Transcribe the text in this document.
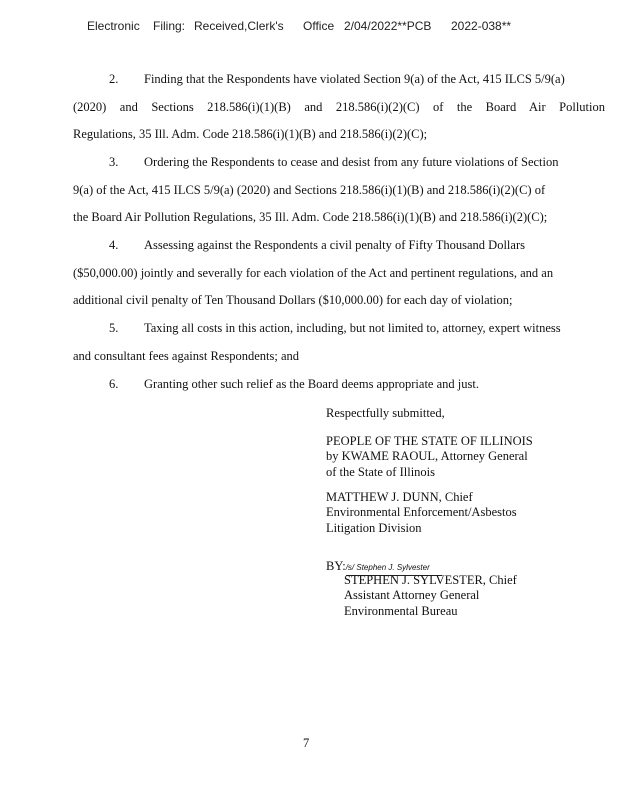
Electronic Filing: Received,Clerk's Office 2/04/2022**PCB 2022-038**
2. Finding that the Respondents have violated Section 9(a) of the Act, 415 ILCS 5/9(a)
(2020) and Sections 218.586(i)(1)(B) and 218.586(i)(2)(C) of the Board Air Pollution
Regulations, 35 Ill. Adm. Code 218.586(i)(1)(B) and 218.586(i)(2)(C);
3. Ordering the Respondents to cease and desist from any future violations of Section
9(a) of the Act, 415 ILCS 5/9(a) (2020) and Sections 218.586(i)(1)(B) and 218.586(i)(2)(C) of
the Board Air Pollution Regulations, 35 Ill. Adm. Code 218.586(i)(1)(B) and 218.586(i)(2)(C);
4. Assessing against the Respondents a civil penalty of Fifty Thousand Dollars
($50,000.00) jointly and severally for each violation of the Act and pertinent regulations, and an
additional civil penalty of Ten Thousand Dollars ($10,000.00) for each day of violation;
5. Taxing all costs in this action, including, but not limited to, attorney, expert witness
and consultant fees against Respondents; and
6. Granting other such relief as the Board deems appropriate and just.
Respectfully submitted,
PEOPLE OF THE STATE OF ILLINOIS
by KWAME RAOUL, Attorney General
of the State of Illinois
MATTHEW J. DUNN, Chief
Environmental Enforcement/Asbestos
Litigation Division
BY:/s/ Stephen J. Sylvester
STEPHEN J. SYLVESTER, Chief
Assistant Attorney General
Environmental Bureau
7
